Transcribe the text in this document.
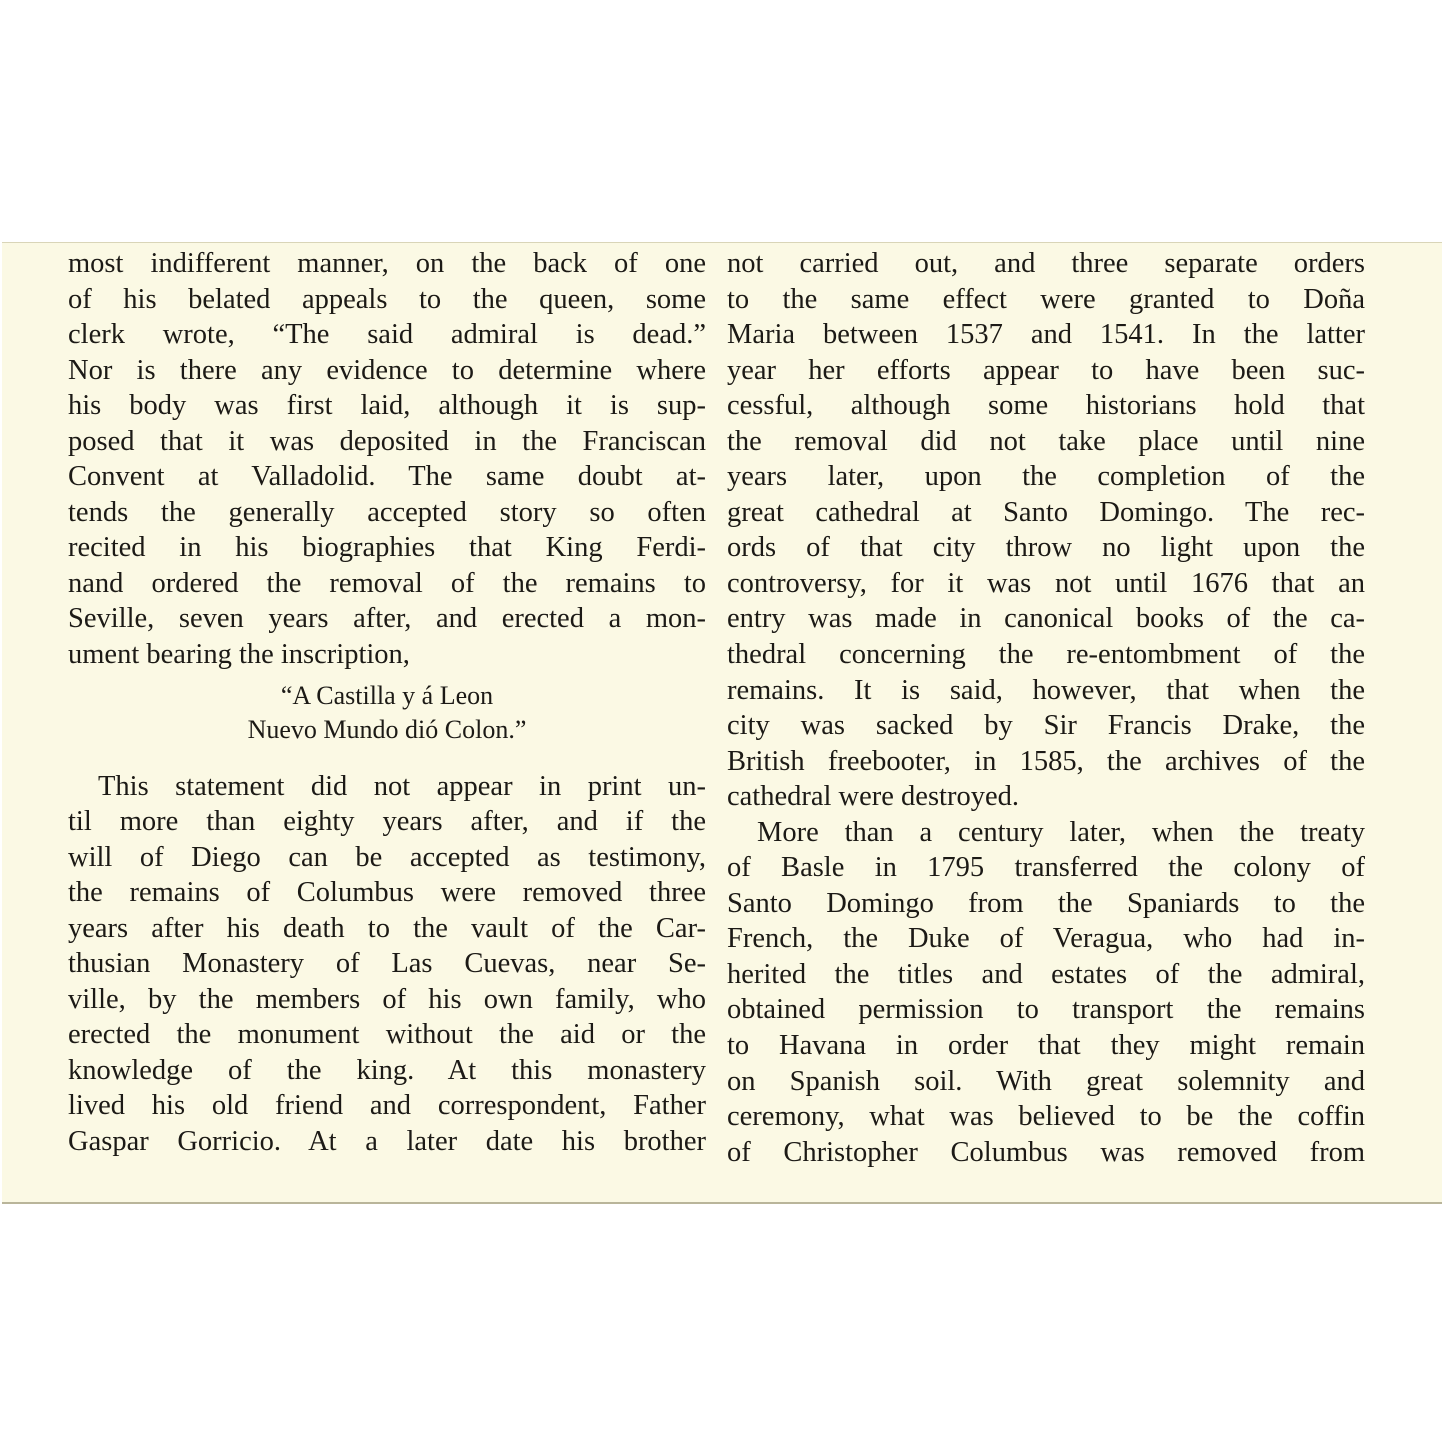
most indifferent manner, on the back of one
of his belated appeals to the queen, some
clerk wrote, “The said admiral is dead.”
Nor is there any evidence to determine where
his body was first laid, although it is sup-
posed that it was deposited in the Franciscan
Convent at Valladolid. The same doubt at-
tends the generally accepted story so often
recited in his biographies that King Ferdi-
nand ordered the removal of the remains to
Seville, seven years after, and erected a mon-
ument bearing the inscription,
“A Castilla y á Leon
Nuevo Mundo dió Colon.”
This statement did not appear in print un-
til more than eighty years after, and if the
will of Diego can be accepted as testimony,
the remains of Columbus were removed three
years after his death to the vault of the Car-
thusian Monastery of Las Cuevas, near Se-
ville, by the members of his own family, who
erected the monument without the aid or the
knowledge of the king. At this monastery
lived his old friend and correspondent, Father
Gaspar Gorricio. At a later date his brother
not carried out, and three separate orders
to the same effect were granted to Doña
Maria between 1537 and 1541. In the latter
year her efforts appear to have been suc-
cessful, although some historians hold that
the removal did not take place until nine
years later, upon the completion of the
great cathedral at Santo Domingo. The rec-
ords of that city throw no light upon the
controversy, for it was not until 1676 that an
entry was made in canonical books of the ca-
thedral concerning the re-entombment of the
remains. It is said, however, that when the
city was sacked by Sir Francis Drake, the
British freebooter, in 1585, the archives of the
cathedral were destroyed.
More than a century later, when the treaty
of Basle in 1795 transferred the colony of
Santo Domingo from the Spaniards to the
French, the Duke of Veragua, who had in-
herited the titles and estates of the admiral,
obtained permission to transport the remains
to Havana in order that they might remain
on Spanish soil. With great solemnity and
ceremony, what was believed to be the coffin
of Christopher Columbus was removed from
